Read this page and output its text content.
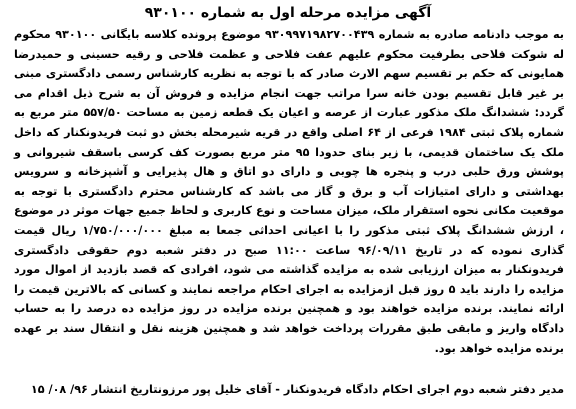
آگهی مزایده مرحله اول به شماره ۹۳۰۱۰۰

به موجب دادنامه صادره به شماره ۹۳۰۹۹۷۱۹۸۲۷۰۰۴۳۹ موضوع پرونده کلاسه بایگانی ۹۳۰۱۰۰ محکوم له شوکت فلاحی بطرفیت محکوم علیهم عفت فلاحی و عظمت فلاحی و رقیه حسینی و حمیدرضا همایونی که حکم بر تقسیم سهم الارث صادر که با توجه به نظریه کارشناس رسمی دادگستری مبنی بر غیر قابل تقسیم بودن خانه سرا مراتب جهت انجام مزایده و فروش آن به شرح ذیل اقدام می گردد: ششدانگ ملک مذکور عبارت از عرصه و اعیان یک قطعه زمین به مساحت ۵۵۷/۵۰ متر مربع به شماره پلاک ثبتی ۱۹۸۴ فرعی از ۶۴ اصلی واقع در قریه شیرمحله بخش دو ثبت فریدونکنار که داخل ملک یک ساختمان قدیمی، با زیر بنای حدودا ۹۵ متر مربع بصورت کف کرسی باسقف شیروانی و پوشش ورق حلبی درب و پنجره ها چوبی و دارای دو اتاق و هال پذیرایی و آشپزخانه و سرویس بهداشتی و دارای امتیازات آب و برق و گاز می باشد که کارشناس محترم دادگستری با توجه به موقعیت مکانی نحوه استقرار ملک، میزان مساحت و نوع کاربری و لحاظ جمیع جهات موثر در موضوع ، ارزش ششدانگ پلاک ثبتی مذکور را با اعیانی احداثی جمعا به مبلغ ۱/۷۵۰/۰۰۰/۰۰۰ ریال قیمت گذاری نموده که در تاریخ ۹۶/۰۹/۱۱ ساعت ۱۱:۰۰ صبح در دفتر شعبه دوم حقوقی دادگستری فریدونکنار به میزان ارزیابی شده به مزایده گذاشته می شود، افرادی که قصد بازدید از اموال مورد مزایده را دارند باید ۵ روز قبل ازمزایده به اجرای احکام مراجعه نمایند و کسانی که بالاترین قیمت را ارائه نمایند. برنده مزایده خواهند بود و همچنین برنده مزایده در روز مزایده ده درصد را به حساب دادگاه واریز و مابقی طبق مقررات پرداخت خواهد شد و همچنین هزینه نقل و انتقال سند بر عهده برنده مزایده خواهد بود.

مدیر دفتر شعبه دوم اجرای احکام دادگاه فریدونکنار - آقای خلیل پور مرزونتاریخ انتشار ۹۶/ ۰۸/ ۱۵
